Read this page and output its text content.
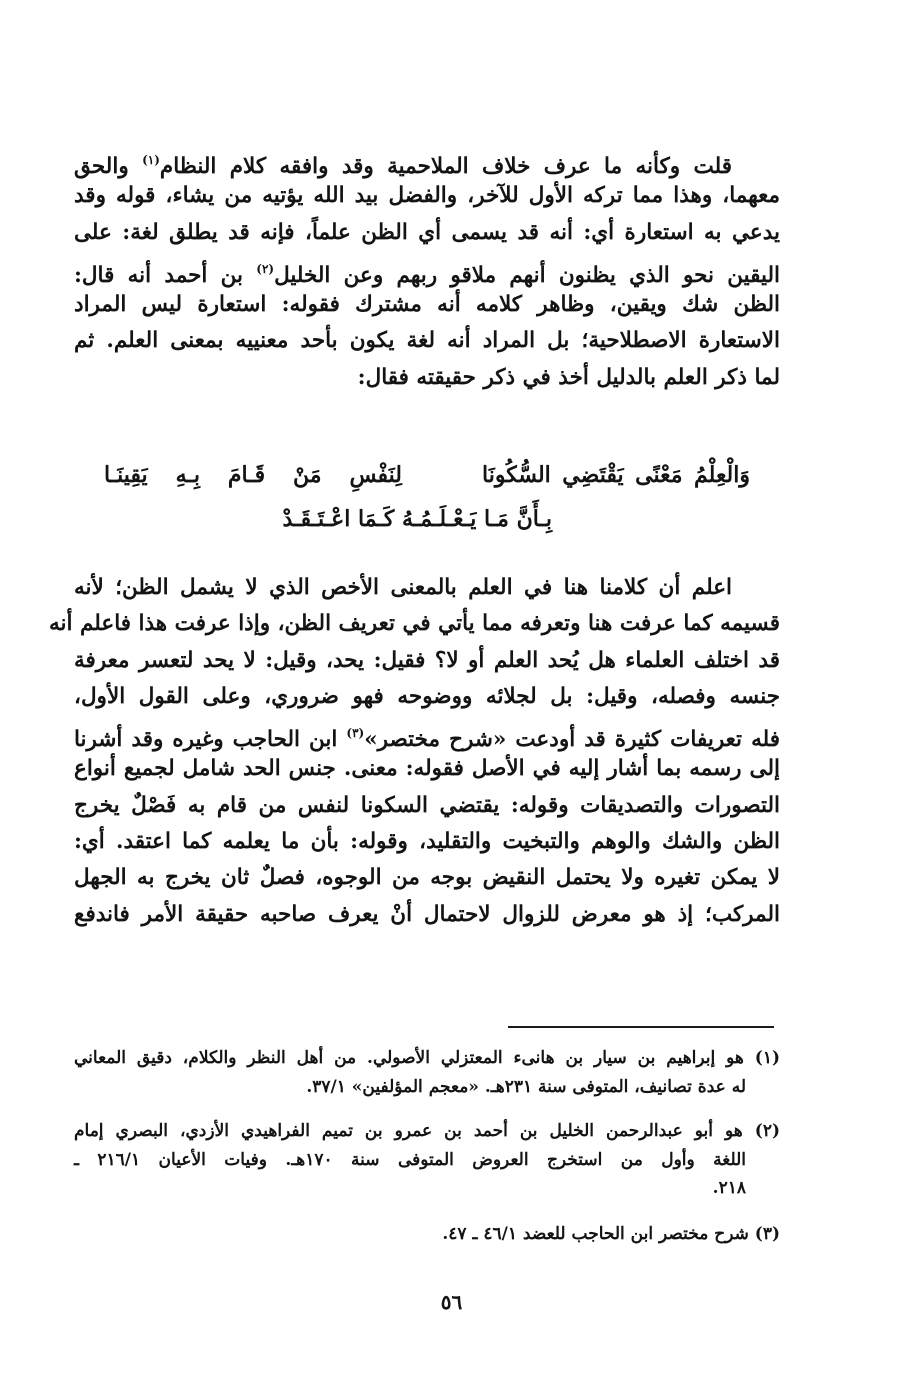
قلت وكأنه ما عرف خلاف الملاحمية وقد وافقه كلام النظام$^{(١)}$ والحق
معهما، وهذا مما تركه الأول للآخر، والفضل بيد الله يؤتيه من يشاء، قوله وقد
يدعي به استعارة أي: أنه قد يسمى أي الظن علماً، فإنه قد يطلق لغة: على
اليقين نحو الذي يظنون أنهم ملاقو ربهم وعن الخليل$^{(٢)}$ بن أحمد أنه قال:
الظن شك ويقين، وظاهر كلامه أنه مشترك فقوله: استعارة ليس المراد
الاستعارة الاصطلاحية؛ بل المراد أنه لغة يكون بأحد معنييه بمعنى العلم. ثم
لما ذكر العلم بالدليل أخذ في ذكر حقيقته فقال:
وَالْعِلْمُ مَعْنًى يَقْتَضِي السُّكُونَا
لِنَفْسِ مَنْ قَـامَ بِـهِ يَقِينَـا
بِـأَنَّ مَـا يَـعْـلَـمُـهُ كَـمَا اعْـتَـقَـدْ
اعلم أن كلامنا هنا في العلم بالمعنى الأخص الذي لا يشمل الظن؛ لأنه
قسيمه كما عرفت هنا وتعرفه مما يأتي في تعريف الظن، وإذا عرفت هذا فاعلم أنه
قد اختلف العلماء هل يُحد العلم أو لا؟ فقيل: يحد، وقيل: لا يحد لتعسر معرفة
جنسه وفصله، وقيل: بل لجلائه ووضوحه فهو ضروري، وعلى القول الأول،
فله تعريفات كثيرة قد أودعت «شرح مختصر»$^{(٣)}$ ابن الحاجب وغيره وقد أشرنا
إلى رسمه بما أشار إليه في الأصل فقوله: معنى. جنس الحد شامل لجميع أنواع
التصورات والتصديقات وقوله: يقتضي السكونا لنفس من قام به فَصْلٌ يخرج
الظن والشك والوهم والتبخيت والتقليد، وقوله: بأن ما يعلمه كما اعتقد. أي:
لا يمكن تغيره ولا يحتمل النقيض بوجه من الوجوه، فصلٌ ثان يخرج به الجهل
المركب؛ إذ هو معرض للزوال لاحتمال أنْ يعرف صاحبه حقيقة الأمر فاندفع
(١) هو إبراهيم بن سيار بن هانىء المعتزلي الأصولي. من أهل النظر والكلام، دقيق المعاني
له عدة تصانيف، المتوفى سنة ٢٣١هـ. «معجم المؤلفين» ٣٧/١.
(٢) هو أبو عبدالرحمن الخليل بن أحمد بن عمرو بن تميم الفراهيدي الأزدي، البصري إمام
اللغة وأول من استخرج العروض المتوفى سنة ١٧٠هـ. وفيات الأعيان ٢١٦/١ ـ
٢١٨.
(٣) شرح مختصر ابن الحاجب للعضد ٤٦/١ ـ ٤٧.
٥٦
